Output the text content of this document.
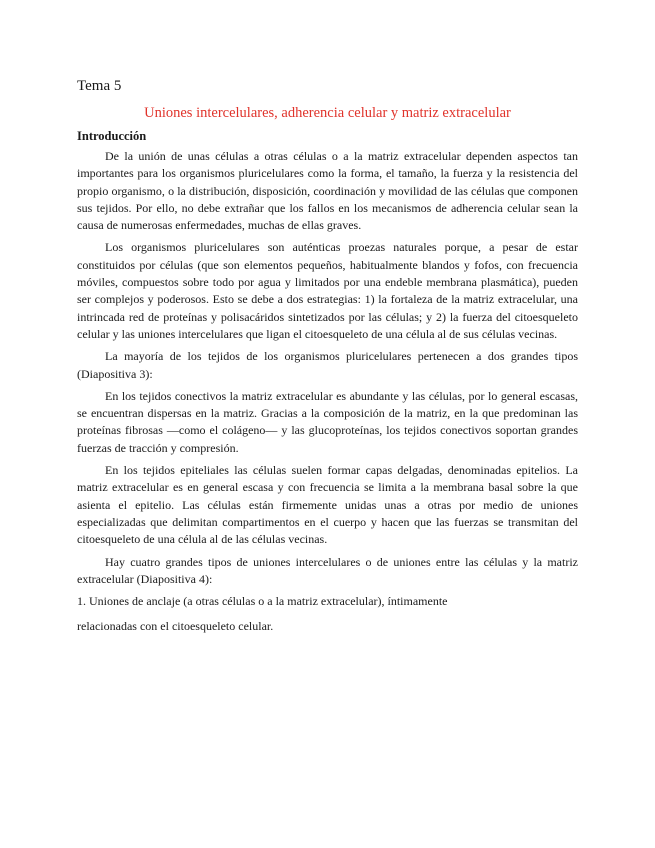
Tema 5
Uniones intercelulares, adherencia celular y matriz extracelular
Introducción

De la unión de unas células a otras células o a la matriz extracelular dependen aspectos tan importantes para los organismos pluricelulares como la forma, el tamaño, la fuerza y la resistencia del propio organismo, o la distribución, disposición, coordinación y movilidad de las células que componen sus tejidos. Por ello, no debe extrañar que los fallos en los mecanismos de adherencia celular sean la causa de numerosas enfermedades, muchas de ellas graves.

Los organismos pluricelulares son auténticas proezas naturales porque, a pesar de estar constituidos por células (que son elementos pequeños, habitualmente blandos y fofos, con frecuencia móviles, compuestos sobre todo por agua y limitados por una endeble membrana plasmática), pueden ser complejos y poderosos. Esto se debe a dos estrategias: 1) la fortaleza de la matriz extracelular, una intrincada red de proteínas y polisacáridos sintetizados por las células; y 2) la fuerza del citoesqueleto celular y las uniones intercelulares que ligan el citoesqueleto de una célula al de sus células vecinas.

La mayoría de los tejidos de los organismos pluricelulares pertenecen a dos grandes tipos (Diapositiva 3):

En los tejidos conectivos la matriz extracelular es abundante y las células, por lo general escasas, se encuentran dispersas en la matriz. Gracias a la composición de la matriz, en la que predominan las proteínas fibrosas —como el colágeno— y las glucoproteínas, los tejidos conectivos soportan grandes fuerzas de tracción y compresión.

En los tejidos epiteliales las células suelen formar capas delgadas, denominadas epitelios. La matriz extracelular es en general escasa y con frecuencia se limita a la membrana basal sobre la que asienta el epitelio. Las células están firmemente unidas unas a otras por medio de uniones especializadas que delimitan compartimentos en el cuerpo y hacen que las fuerzas se transmitan del citoesqueleto de una célula al de las células vecinas.

Hay cuatro grandes tipos de uniones intercelulares o de uniones entre las células y la matriz extracelular (Diapositiva 4):

1. Uniones de anclaje (a otras células o a la matriz extracelular), íntimamente

relacionadas con el citoesqueleto celular.
